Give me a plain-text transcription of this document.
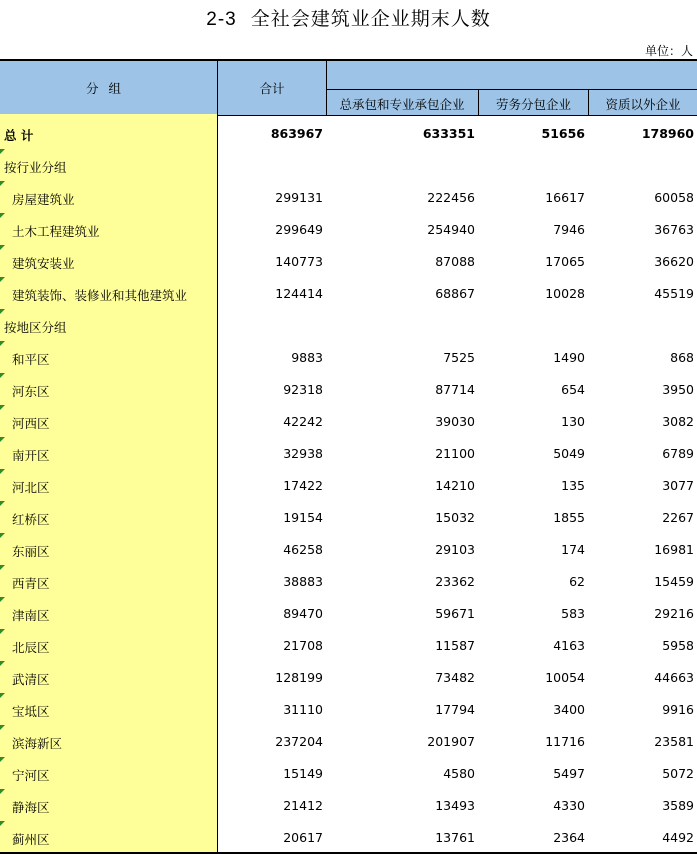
2-3 全社会建筑业企业期末人数
单位：人
分组	合计
总承包和专业承包企业	劳务分包企业	资质以外企业
总 计	863967	633351	51656	178960
按行业分组
房屋建筑业	299131	222456	16617	60058
土木工程建筑业	299649	254940	7946	36763
建筑安装业	140773	87088	17065	36620
建筑装饰、装修业和其他建筑业	124414	68867	10028	45519
按地区分组
和平区	9883	7525	1490	868
河东区	92318	87714	654	3950
河西区	42242	39030	130	3082
南开区	32938	21100	5049	6789
河北区	17422	14210	135	3077
红桥区	19154	15032	1855	2267
东丽区	46258	29103	174	16981
西青区	38883	23362	62	15459
津南区	89470	59671	583	29216
北辰区	21708	11587	4163	5958
武清区	128199	73482	10054	44663
宝坻区	31110	17794	3400	9916
滨海新区	237204	201907	11716	23581
宁河区	15149	4580	5497	5072
静海区	21412	13493	4330	3589
蓟州区	20617	13761	2364	4492
